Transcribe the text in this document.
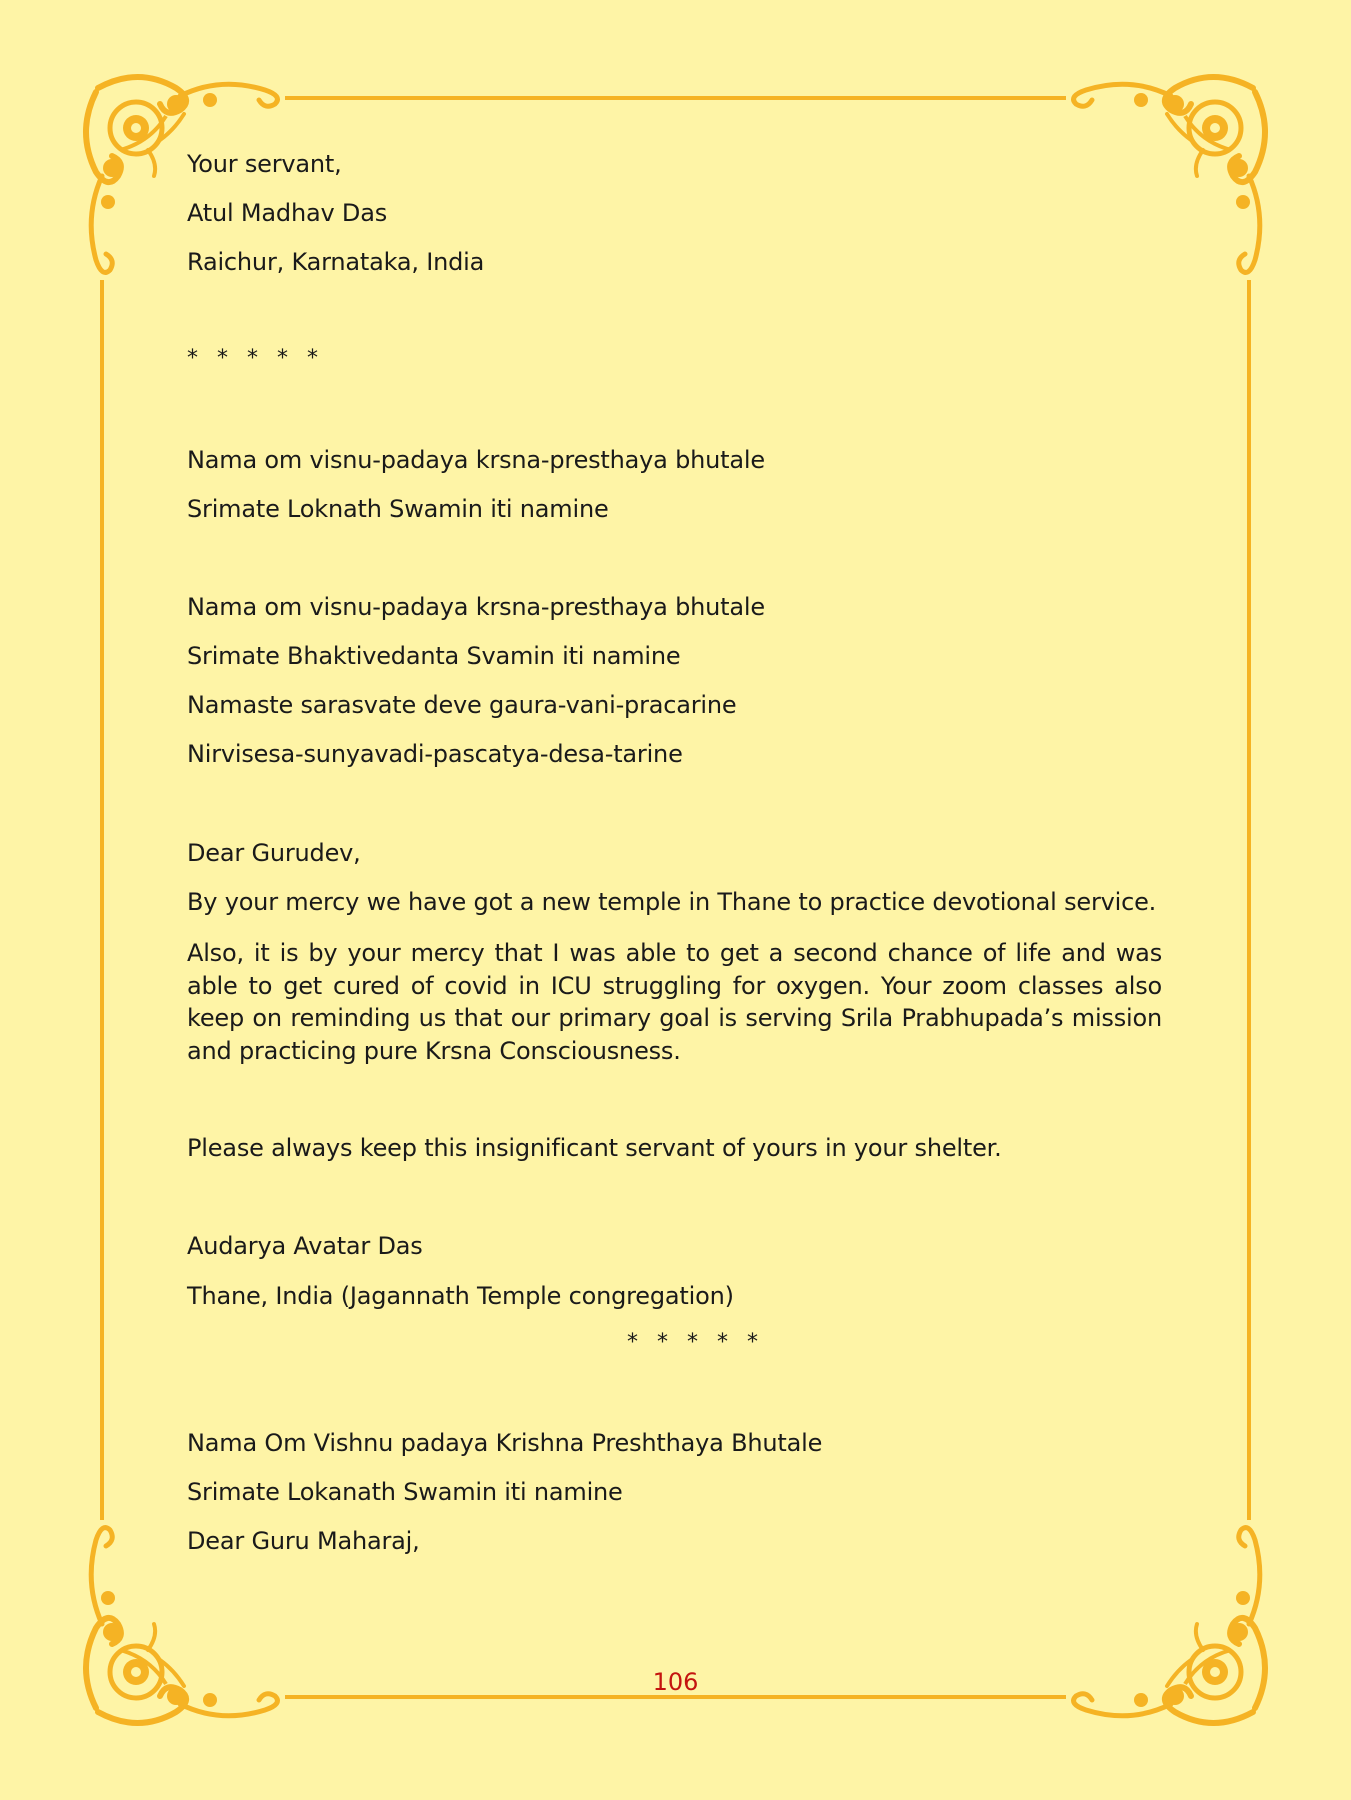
Your servant,
Atul Madhav Das
Raichur, Karnataka, India
* * * * *
Nama om visnu-padaya krsna-presthaya bhutale
Srimate Loknath Swamin iti namine
Nama om visnu-padaya krsna-presthaya bhutale
Srimate Bhaktivedanta Svamin iti namine
Namaste sarasvate deve gaura-vani-pracarine
Nirvisesa-sunyavadi-pascatya-desa-tarine
Dear Gurudev,
By your mercy we have got a new temple in Thane to practice devotional service.
Also, it is by your mercy that I was able to get a second chance of life and was able to get cured of covid in ICU struggling for oxygen. Your zoom classes also keep on reminding us that our primary goal is serving Srila Prabhupada’s mission and practicing pure Krsna Consciousness.
Please always keep this insignificant servant of yours in your shelter.
Audarya Avatar Das
Thane, India (Jagannath Temple congregation)
* * * * *
Nama Om Vishnu padaya Krishna Preshthaya Bhutale
Srimate Lokanath Swamin iti namine
Dear Guru Maharaj,
106
